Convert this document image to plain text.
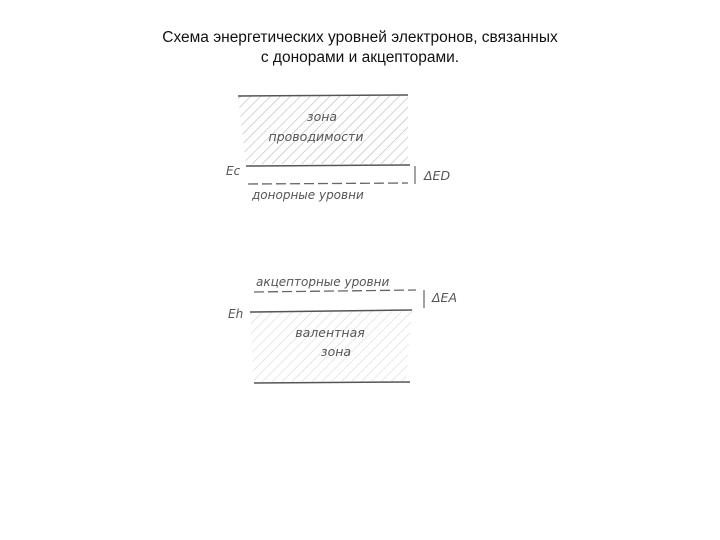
Схема энергетических уровней электронов, связанных
с донорами и акцепторами.
зона
проводимости
Ec
донорные уровни
ΔED
акцепторные уровни
ΔEA
Eh
валентная
зона
